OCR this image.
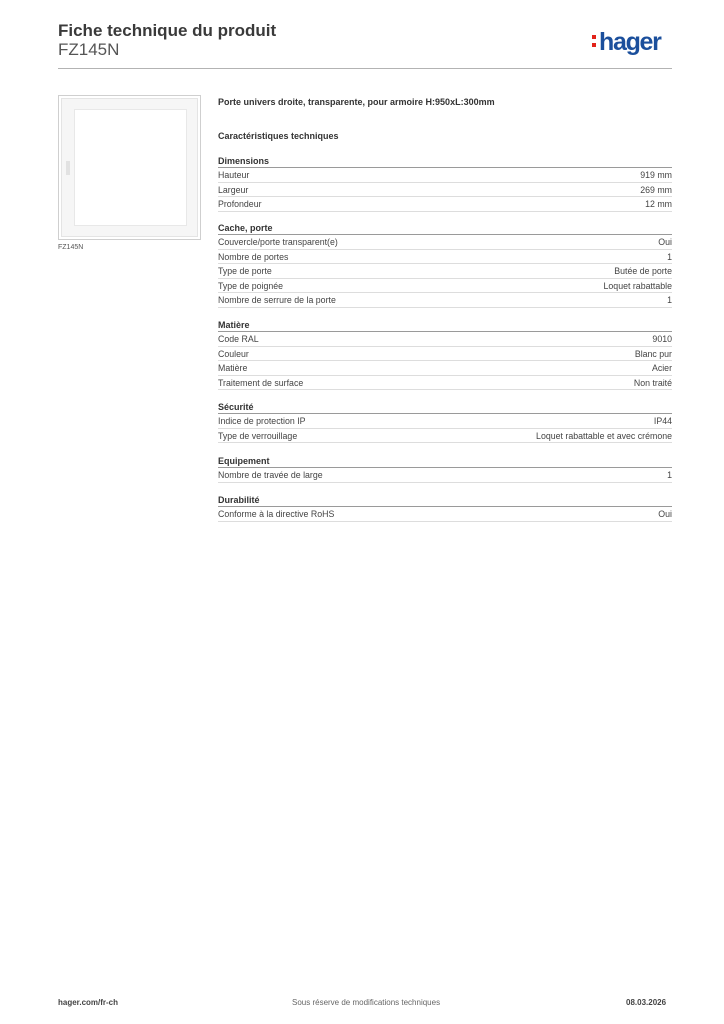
Fiche technique du produit
FZ145N	hager
FZ145N
Porte univers droite, transparente, pour armoire H:950xL:300mm
Caractéristiques techniques
Dimensions
Hauteur	919 mm
Largeur	269 mm
Profondeur	12 mm
Cache, porte
Couvercle/porte transparent(e)	Oui
Nombre de portes	1
Type de porte	Butée de porte
Type de poignée	Loquet rabattable
Nombre de serrure de la porte	1
Matière
Code RAL	9010
Couleur	Blanc pur
Matière	Acier
Traitement de surface	Non traité
Sécurité
Indice de protection IP	IP44
Type de verrouillage	Loquet rabattable et avec crémone
Equipement
Nombre de travée de large	1
Durabilité
Conforme à la directive RoHS	Oui
hager.com/fr-ch	Sous réserve de modifications techniques	08.03.2026
